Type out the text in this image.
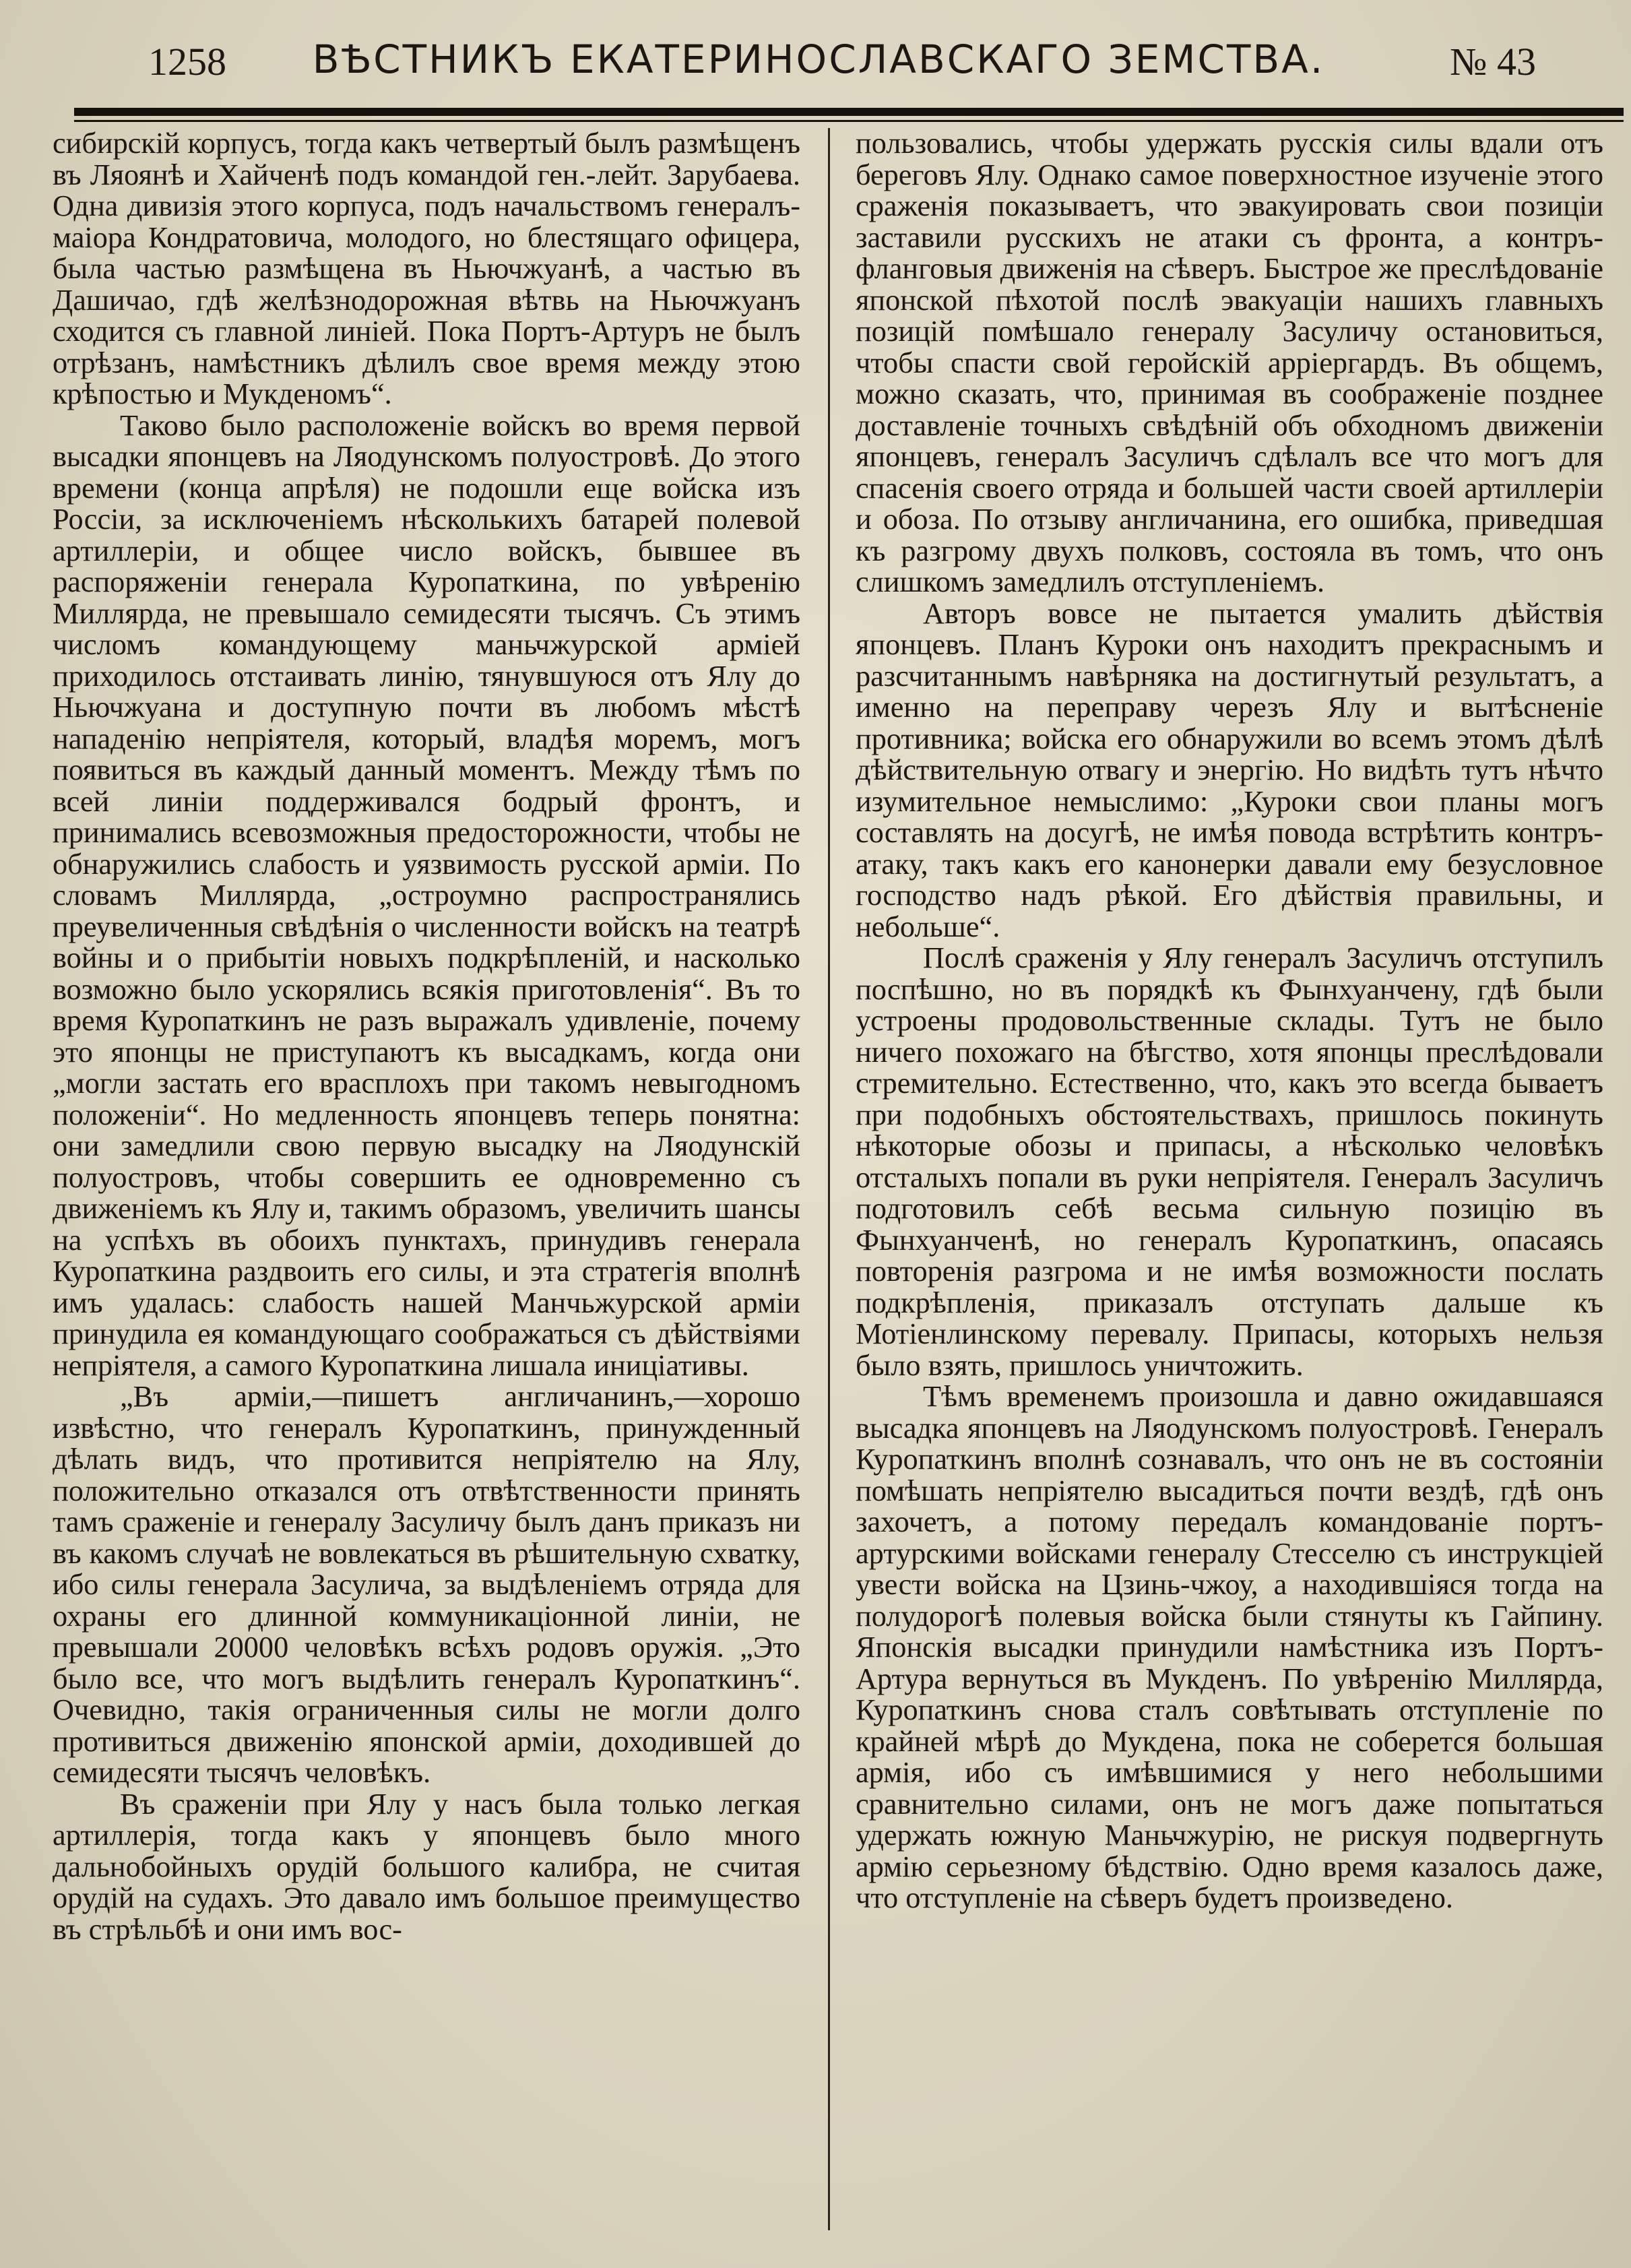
1258	ВѢСТНИКЪ ЕКАТЕРИНОСЛАВСКАГО ЗЕМСТВА.	№ 43

сибирскій корпусъ, тогда какъ четвертый былъ размѣщенъ въ Ляоянѣ и Хайченѣ подъ командой ген.-лейт. Зарубаева. Одна дивизія этого корпуса, подъ начальствомъ генералъ-маіора Кондратовича, молодого, но блестящаго офицера, была частью размѣщена въ Ньючжуанѣ, а частью въ Дашичао, гдѣ желѣзнодорожная вѣтвь на Ньючжуанъ сходится съ главной линіей. Пока Портъ-Артуръ не былъ отрѣзанъ, намѣстникъ дѣлилъ свое время между этою крѣпостью и Мукденомъ“.

Таково было расположеніе войскъ во время первой высадки японцевъ на Ляодунскомъ полуостровѣ. До этого времени (конца апрѣля) не подошли еще войска изъ Россіи, за исключеніемъ нѣсколькихъ батарей полевой артиллеріи, и общее число войскъ, бывшее въ распоряженіи генерала Куропаткина, по увѣренію Миллярда, не превышало семидесяти тысячъ. Съ этимъ числомъ командующему маньчжурской арміей приходилось отстаивать линію, тянувшуюся отъ Ялу до Ньючжуана и доступную почти въ любомъ мѣстѣ нападенію непріятеля, который, владѣя моремъ, могъ появиться въ каждый данный моментъ. Между тѣмъ по всей линіи поддерживался бодрый фронтъ, и принимались всевозможныя предосторожности, чтобы не обнаружились слабость и уязвимость русской арміи. По словамъ Миллярда, „остроумно распространялись преувеличенныя свѣдѣнія о численности войскъ на театрѣ войны и о прибытіи новыхъ подкрѣпленій, и насколько возможно было ускорялись всякія приготовленія“. Въ то время Куропаткинъ не разъ выражалъ удивленіе, почему это японцы не приступаютъ къ высадкамъ, когда они „могли застать его врасплохъ при такомъ невыгодномъ положеніи“. Но медленность японцевъ теперь понятна: они замедлили свою первую высадку на Ляодунскій полуостровъ, чтобы совершить ее одновременно съ движеніемъ къ Ялу и, такимъ образомъ, увеличить шансы на успѣхъ въ обоихъ пунктахъ, принудивъ генерала Куропаткина раздвоить его силы, и эта стратегія вполнѣ имъ удалась: слабость нашей Манчьжурской арміи принудила ея командующаго соображаться съ дѣйствіями непріятеля, а самого Куропаткина лишала иниціативы.

„Въ арміи,—пишетъ англичанинъ,—хорошо извѣстно, что генералъ Куропаткинъ, принужденный дѣлать видъ, что противится непріятелю на Ялу, положительно отказался отъ отвѣтственности принять тамъ сраженіе и генералу Засуличу былъ данъ приказъ ни въ какомъ случаѣ не вовлекаться въ рѣшительную схватку, ибо силы генерала Засулича, за выдѣленіемъ отряда для охраны его длинной коммуникаціонной линіи, не превышали 20000 человѣкъ всѣхъ родовъ оружія. „Это было все, что могъ выдѣлить генералъ Куропаткинъ“. Очевидно, такія ограниченныя силы не могли долго противиться движенію японской арміи, доходившей до семидесяти тысячъ человѣкъ.

Въ сраженіи при Ялу у насъ была только легкая артиллерія, тогда какъ у японцевъ было много дальнобойныхъ орудій большого калибра, не считая орудій на судахъ. Это давало имъ большое преимущество въ стрѣльбѣ и они имъ вос-

пользовались, чтобы удержать русскія силы вдали отъ береговъ Ялу. Однако самое поверхностное изученіе этого сраженія показываетъ, что эвакуировать свои позиціи заставили русскихъ не атаки съ фронта, а контръ-фланговыя движенія на сѣверъ. Быстрое же преслѣдованіе японской пѣхотой послѣ эвакуаціи нашихъ главныхъ позицій помѣшало генералу Засуличу остановиться, чтобы спасти свой геройскій арріергардъ. Въ общемъ, можно сказать, что, принимая въ соображеніе позднее доставленіе точныхъ свѣдѣній объ обходномъ движеніи японцевъ, генералъ Засуличъ сдѣлалъ все что могъ для спасенія своего отряда и большей части своей артиллеріи и обоза. По отзыву англичанина, его ошибка, приведшая къ разгрому двухъ полковъ, состояла въ томъ, что онъ слишкомъ замедлилъ отступленіемъ.

Авторъ вовсе не пытается умалить дѣйствія японцевъ. Планъ Куроки онъ находитъ прекраснымъ и разсчитаннымъ навѣрняка на достигнутый результатъ, а именно на переправу черезъ Ялу и вытѣсненіе противника; войска его обнаружили во всемъ этомъ дѣлѣ дѣйствительную отвагу и энергію. Но видѣть тутъ нѣчто изумительное немыслимо: „Куроки свои планы могъ составлять на досугѣ, не имѣя повода встрѣтить контръ-атаку, такъ какъ его канонерки давали ему безусловное господство надъ рѣкой. Его дѣйствія правильны, и небольше“.

Послѣ сраженія у Ялу генералъ Засуличъ отступилъ поспѣшно, но въ порядкѣ къ Фынхуанчену, гдѣ были устроены продовольственные склады. Тутъ не было ничего похожаго на бѣгство, хотя японцы преслѣдовали стремительно. Естественно, что, какъ это всегда бываетъ при подобныхъ обстоятельствахъ, пришлось покинуть нѣкоторые обозы и припасы, а нѣсколько человѣкъ отсталыхъ попали въ руки непріятеля. Генералъ Засуличъ подготовилъ себѣ весьма сильную позицію въ Фынхуанченѣ, но генералъ Куропаткинъ, опасаясь повторенія разгрома и не имѣя возможности послать подкрѣпленія, приказалъ отступать дальше къ Мотіенлинскому перевалу. Припасы, которыхъ нельзя было взять, пришлось уничтожить.

Тѣмъ временемъ произошла и давно ожидавшаяся высадка японцевъ на Ляодунскомъ полуостровѣ. Генералъ Куропаткинъ вполнѣ сознавалъ, что онъ не въ состояніи помѣшать непріятелю высадиться почти вездѣ, гдѣ онъ захочетъ, а потому передалъ командованіе портъ-артурскими войсками генералу Стесселю съ инструкціей увести войска на Цзинь-чжоу, а находившіяся тогда на полудорогѣ полевыя войска были стянуты къ Гайпину. Японскія высадки принудили намѣстника изъ Портъ-Артура вернуться въ Мукденъ. По увѣренію Миллярда, Куропаткинъ снова сталъ совѣтывать отступленіе по крайней мѣрѣ до Мукдена, пока не соберется большая армія, ибо съ имѣвшимися у него небольшими сравнительно силами, онъ не могъ даже попытаться удержать южную Маньчжурію, не рискуя подвергнуть армію серьезному бѣдствію. Одно время казалось даже, что отступленіе на сѣверъ будетъ произведено.
